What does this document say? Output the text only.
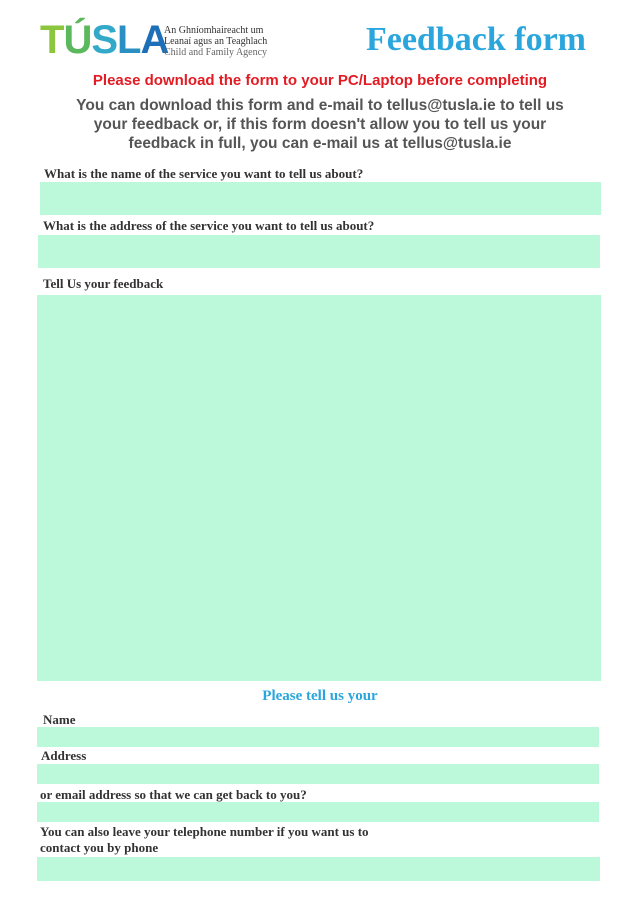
TÚSLA
An Ghníomhaireacht um
Leanaí agus an Teaghlach
Child and Family Agency	Feedback form
Please download the form to your PC/Laptop before completing
You can download this form and e-mail to tellus@tusla.ie to tell us your feedback or, if this form doesn't allow you to tell us your feedback in full, you can e-mail us at tellus@tusla.ie
What is the name of the service you want to tell us about?
What is the address of the service you want to tell us about?
Tell Us your feedback
Please tell us your
Name
Address
or email address so that we can get back to you?
You can also leave your telephone number if you want us to
contact you by phone
